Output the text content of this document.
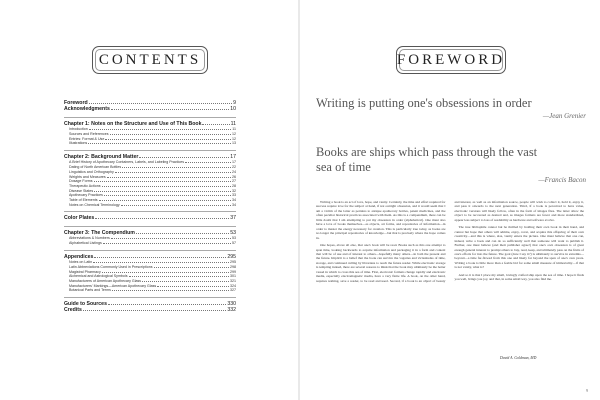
CONTENTS
Foreword	9
Acknowledgments	10
Chapter 1: Notes on the Structure and Use of This Book	11
Introduction	11
Sources and References	12
Entries: Format & Use	12
Illustrations	13
Chapter 2: Background Matter	17
A Brief History of Apothecary Containers, Labels, and Labeling Practices	17
Dating of North American Bottles	22
Linguistics and Orthography	24
Weights and Measures	26
Dosage Forms	27
Therapeutic Actions	28
Disease States	32
Apothecary Practices	33
Table of Elements	34
Notes on Chemical Terminology	34
Color Plates	37
Chapter 3: The Compendium	53
Abbreviations & Numbers	53
Alphabetical Listings	57
Appendices	295
Notes on Latin	295
Latin Abbreviations Commonly Used in Prescriptions	298
Magistral Pharmacy	299
Alchemical and Astrological Symbols	301
Manufacturers of American Apothecary Glass	321
Manufacturers' Markings—American Apothecary Glass	324
Botanical Parts and Terms	327
Guide to Sources	330
Credits	332
FOREWORD
Writing is putting one's obsessions in order
—Jean Grenier
Books are ships which pass through the vast sea of time
—Francis Bacon

Writing a book is an act of love, hope, and vanity. Certainly, the time and effort required for success require love for the subject at hand, if not outright obsession, and it would seem that I am a victim of the latter as pertains to antique apothecary bottles, patent medicines, and the often peculiar historical practices associated with them. As this is a compendium, there can be little doubt that I am attempting to put my obsession in order (alphabetical). One must also have a love of books themselves—as objects, art forms, and repositories of information—in order to master the energy necessary for creation. This is particularly true today, as books are no longer the principal repositories of knowledge—but that is precisely where the hope comes in.

One hopes, above all else, that one's book will be read. Books such as this one attempt to span time, looking backwards to acquire information and packaging it in a form and context that will be of use and of interest to others—hopefully many others—in both the present and the future. Implicit is a belief that the book can survive the vagaries and vicissitudes of time, storage, and continued culling by librarians to reach the future reader. While electronic storage is tempting indeed, there are several reasons to think that the book may ultimately be the better vessel in which to cross this sea of time. First, electronic formats change rapidly and electronic media, especially electromagnetic media, have a very finite life. A book, on the other hand, requires nothing, save a reader, to be read and used. Second, if a book is an object of beauty and interest, as well as an information source, people will wish to collect it, hold it, enjoy it, and pass it onwards to the next generation. Third, if a book is perceived to have value, electronic versions will likely follow, often in the form of images files. The latter allow the object to be recovered as desired and, as images formats are fewer and more standardized, appear less subject to loss of readability as hardware and software evolve.

The true bibliophile cannot but be thrilled by holding their own book in their hand, and cannot but hope that others will admire, enjoy, covet, and acquire this offspring of their own creativity—and this is where, alas, vanity enters the picture. One must believe that one can, indeed, write a book and can do so sufficiently well that someone will want to publish it. Further, one must believe (and their publisher agree!) that one's own obsession is of great enough general interest to prompt others to buy, read, keep, and ultimately pass on the fruits of one's efforts for into the future. The goal (dare I say it?) is ultimately to survive in extremis—beyond—a time far-flowed from this one and likely far beyond the span of one's own years. Writing a book is little more than a feeble bid for some small measure of immortality—if that is not vanity, what is?

And so it is that I place my small, lovingly crafted ship upon the sea of time. I hope it finds you well, brings you joy, and that, in some small way, you also find me.

David A. Goldman, MD
9
